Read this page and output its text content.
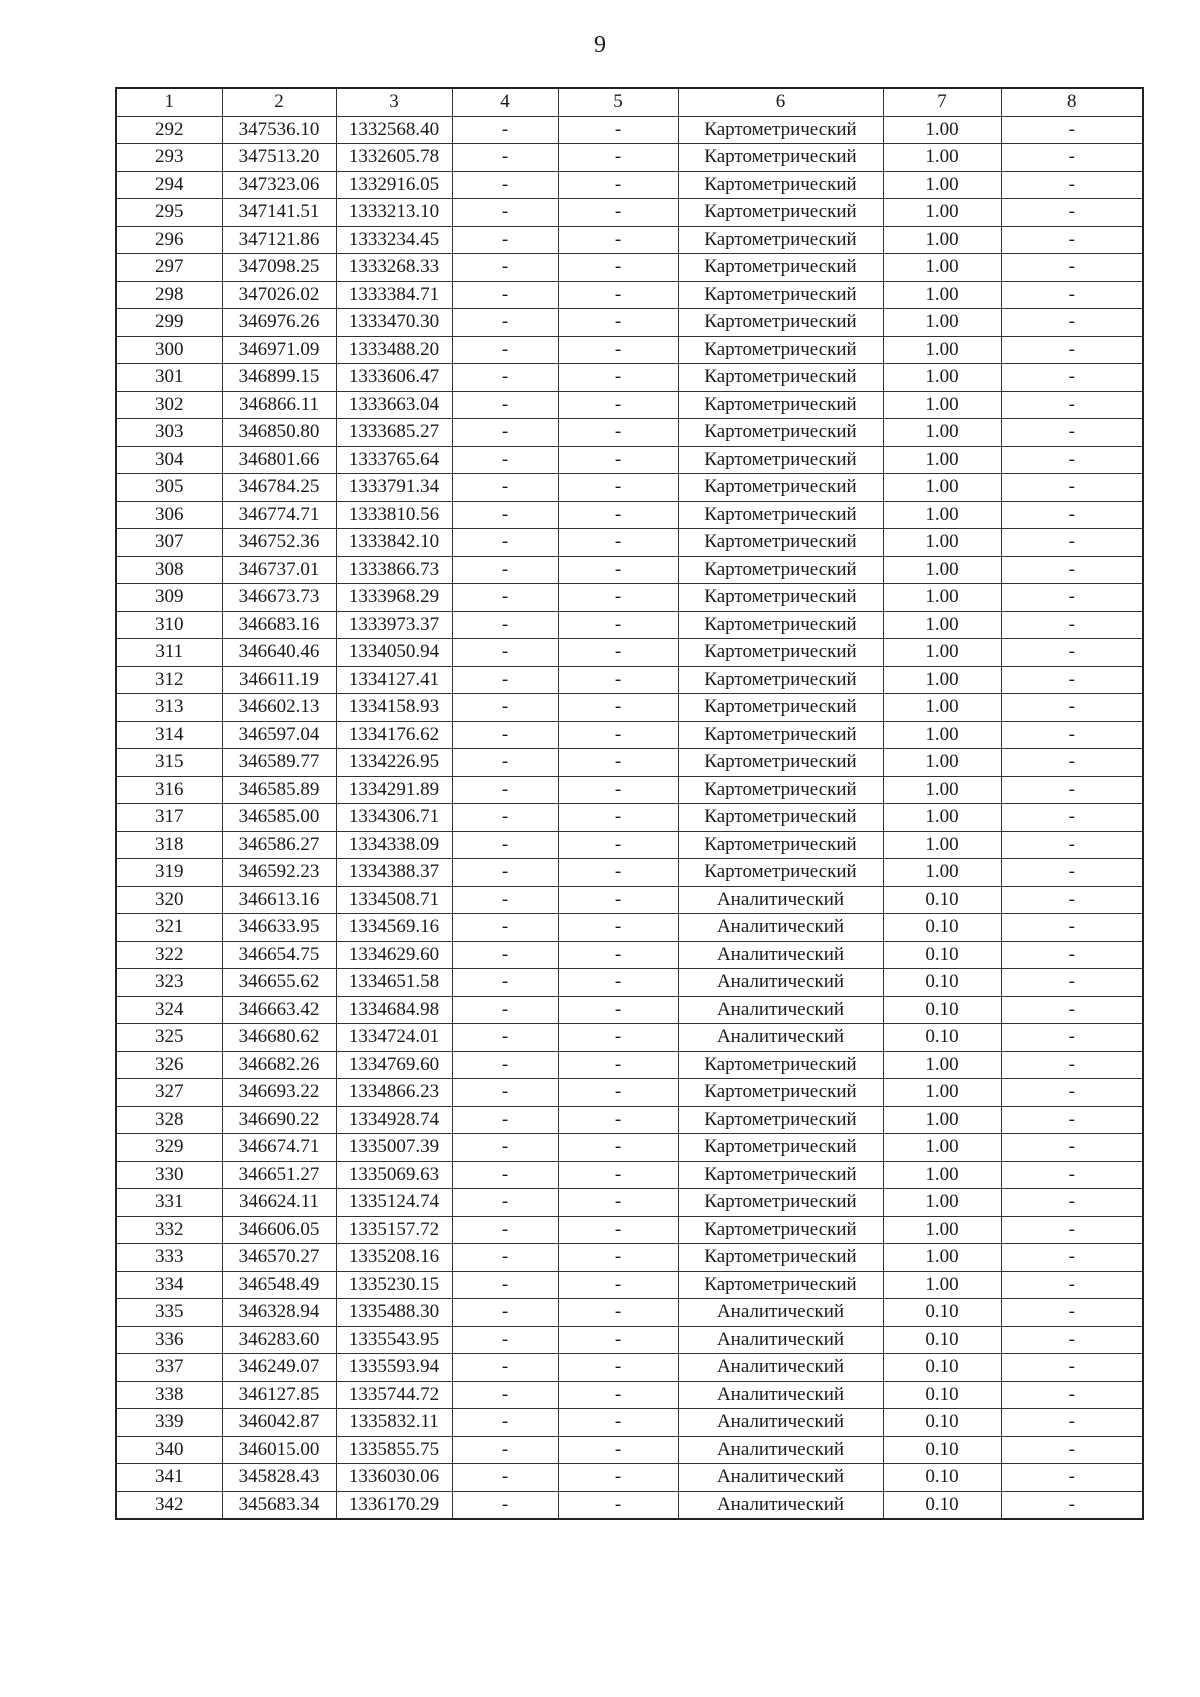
9
1	2	3	4	5	6	7	8
292	347536.10	1332568.40	-	-	Картометрический	1.00	-
293	347513.20	1332605.78	-	-	Картометрический	1.00	-
294	347323.06	1332916.05	-	-	Картометрический	1.00	-
295	347141.51	1333213.10	-	-	Картометрический	1.00	-
296	347121.86	1333234.45	-	-	Картометрический	1.00	-
297	347098.25	1333268.33	-	-	Картометрический	1.00	-
298	347026.02	1333384.71	-	-	Картометрический	1.00	-
299	346976.26	1333470.30	-	-	Картометрический	1.00	-
300	346971.09	1333488.20	-	-	Картометрический	1.00	-
301	346899.15	1333606.47	-	-	Картометрический	1.00	-
302	346866.11	1333663.04	-	-	Картометрический	1.00	-
303	346850.80	1333685.27	-	-	Картометрический	1.00	-
304	346801.66	1333765.64	-	-	Картометрический	1.00	-
305	346784.25	1333791.34	-	-	Картометрический	1.00	-
306	346774.71	1333810.56	-	-	Картометрический	1.00	-
307	346752.36	1333842.10	-	-	Картометрический	1.00	-
308	346737.01	1333866.73	-	-	Картометрический	1.00	-
309	346673.73	1333968.29	-	-	Картометрический	1.00	-
310	346683.16	1333973.37	-	-	Картометрический	1.00	-
311	346640.46	1334050.94	-	-	Картометрический	1.00	-
312	346611.19	1334127.41	-	-	Картометрический	1.00	-
313	346602.13	1334158.93	-	-	Картометрический	1.00	-
314	346597.04	1334176.62	-	-	Картометрический	1.00	-
315	346589.77	1334226.95	-	-	Картометрический	1.00	-
316	346585.89	1334291.89	-	-	Картометрический	1.00	-
317	346585.00	1334306.71	-	-	Картометрический	1.00	-
318	346586.27	1334338.09	-	-	Картометрический	1.00	-
319	346592.23	1334388.37	-	-	Картометрический	1.00	-
320	346613.16	1334508.71	-	-	Аналитический	0.10	-
321	346633.95	1334569.16	-	-	Аналитический	0.10	-
322	346654.75	1334629.60	-	-	Аналитический	0.10	-
323	346655.62	1334651.58	-	-	Аналитический	0.10	-
324	346663.42	1334684.98	-	-	Аналитический	0.10	-
325	346680.62	1334724.01	-	-	Аналитический	0.10	-
326	346682.26	1334769.60	-	-	Картометрический	1.00	-
327	346693.22	1334866.23	-	-	Картометрический	1.00	-
328	346690.22	1334928.74	-	-	Картометрический	1.00	-
329	346674.71	1335007.39	-	-	Картометрический	1.00	-
330	346651.27	1335069.63	-	-	Картометрический	1.00	-
331	346624.11	1335124.74	-	-	Картометрический	1.00	-
332	346606.05	1335157.72	-	-	Картометрический	1.00	-
333	346570.27	1335208.16	-	-	Картометрический	1.00	-
334	346548.49	1335230.15	-	-	Картометрический	1.00	-
335	346328.94	1335488.30	-	-	Аналитический	0.10	-
336	346283.60	1335543.95	-	-	Аналитический	0.10	-
337	346249.07	1335593.94	-	-	Аналитический	0.10	-
338	346127.85	1335744.72	-	-	Аналитический	0.10	-
339	346042.87	1335832.11	-	-	Аналитический	0.10	-
340	346015.00	1335855.75	-	-	Аналитический	0.10	-
341	345828.43	1336030.06	-	-	Аналитический	0.10	-
342	345683.34	1336170.29	-	-	Аналитический	0.10	-
